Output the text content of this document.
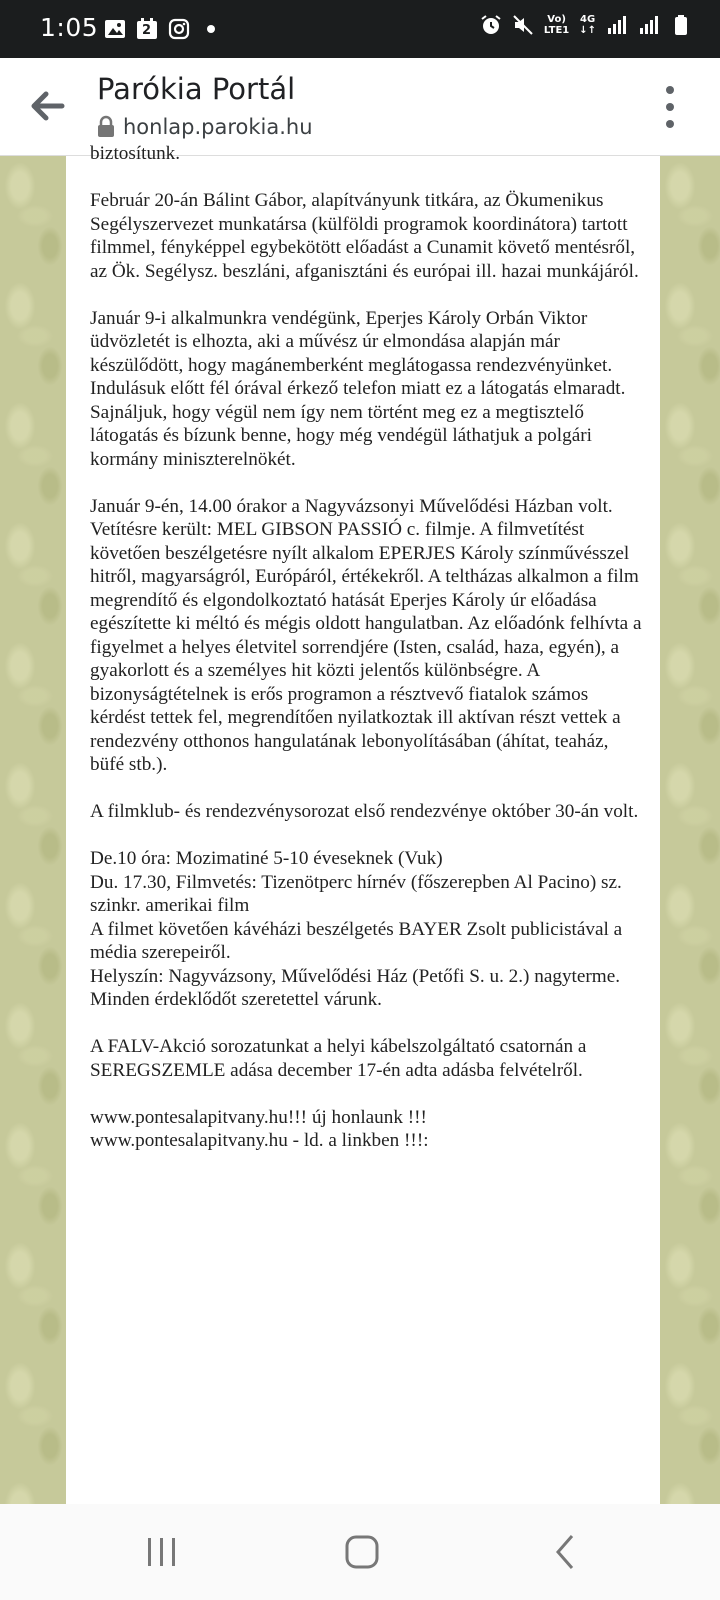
1:05	2
Vo)
LTE1
4G
↓↑
Parókia Portál
honlap.parokia.hu

biztosítunk.

Február 20-án Bálint Gábor, alapítványunk titkára, az Ökumenikus Segélyszervezet munkatársa (külföldi programok koordinátora) tartott filmmel, fényképpel egybekötött előadást a Cunamit követő mentésről, az Ök. Segélysz. beszláni, afganisztáni és európai ill. hazai munkájáról.

Január 9-i alkalmunkra vendégünk, Eperjes Károly Orbán Viktor üdvözletét is elhozta, aki a művész úr elmondása alapján már készülődött, hogy magánemberként meglátogassa rendezvényünket. Indulásuk előtt fél órával érkező telefon miatt ez a látogatás elmaradt. Sajnáljuk, hogy végül nem így nem történt meg ez a megtisztelő látogatás és bízunk benne, hogy még vendégül láthatjuk a polgári kormány miniszterelnökét.

Január 9-én, 14.00 órakor a Nagyvázsonyi Művelődési Házban volt. Vetítésre került: MEL GIBSON PASSIÓ c. filmje. A filmvetítést követően beszélgetésre nyílt alkalom EPERJES Károly színművésszel hitről, magyarságról, Európáról, értékekről. A teltházas alkalmon a film megrendítő és elgondolkoztató hatását Eperjes Károly úr előadása egészítette ki méltó és mégis oldott hangulatban. Az előadónk felhívta a figyelmet a helyes életvitel sorrendjére (Isten, család, haza, egyén), a gyakorlott és a személyes hit közti jelentős különbségre. A bizonyságtételnek is erős programon a résztvevő fiatalok számos kérdést tettek fel, megrendítően nyilatkoztak ill aktívan részt vettek a rendezvény otthonos hangulatának lebonyolításában (áhítat, teaház, büfé stb.).

A filmklub- és rendezvénysorozat első rendezvénye október 30-án volt.

De.10 óra: Mozimatiné 5-10 éveseknek (Vuk)
Du. 17.30, Filmvetés: Tizenötperc hírnév (főszerepben Al Pacino) sz. szinkr. amerikai film
A filmet követően kávéházi beszélgetés BAYER Zsolt publicistával a média szerepeiről.
Helyszín: Nagyvázsony, Művelődési Ház (Petőfi S. u. 2.) nagyterme. Minden érdeklődőt szeretettel várunk.

A FALV-Akció sorozatunkat a helyi kábelszolgáltató csatornán a SEREGSZEMLE adása december 17-én adta adásba felvételről.

www.pontesalapitvany.hu!!! új honlaunk !!!
www.pontesalapitvany.hu - ld. a linkben !!!:
